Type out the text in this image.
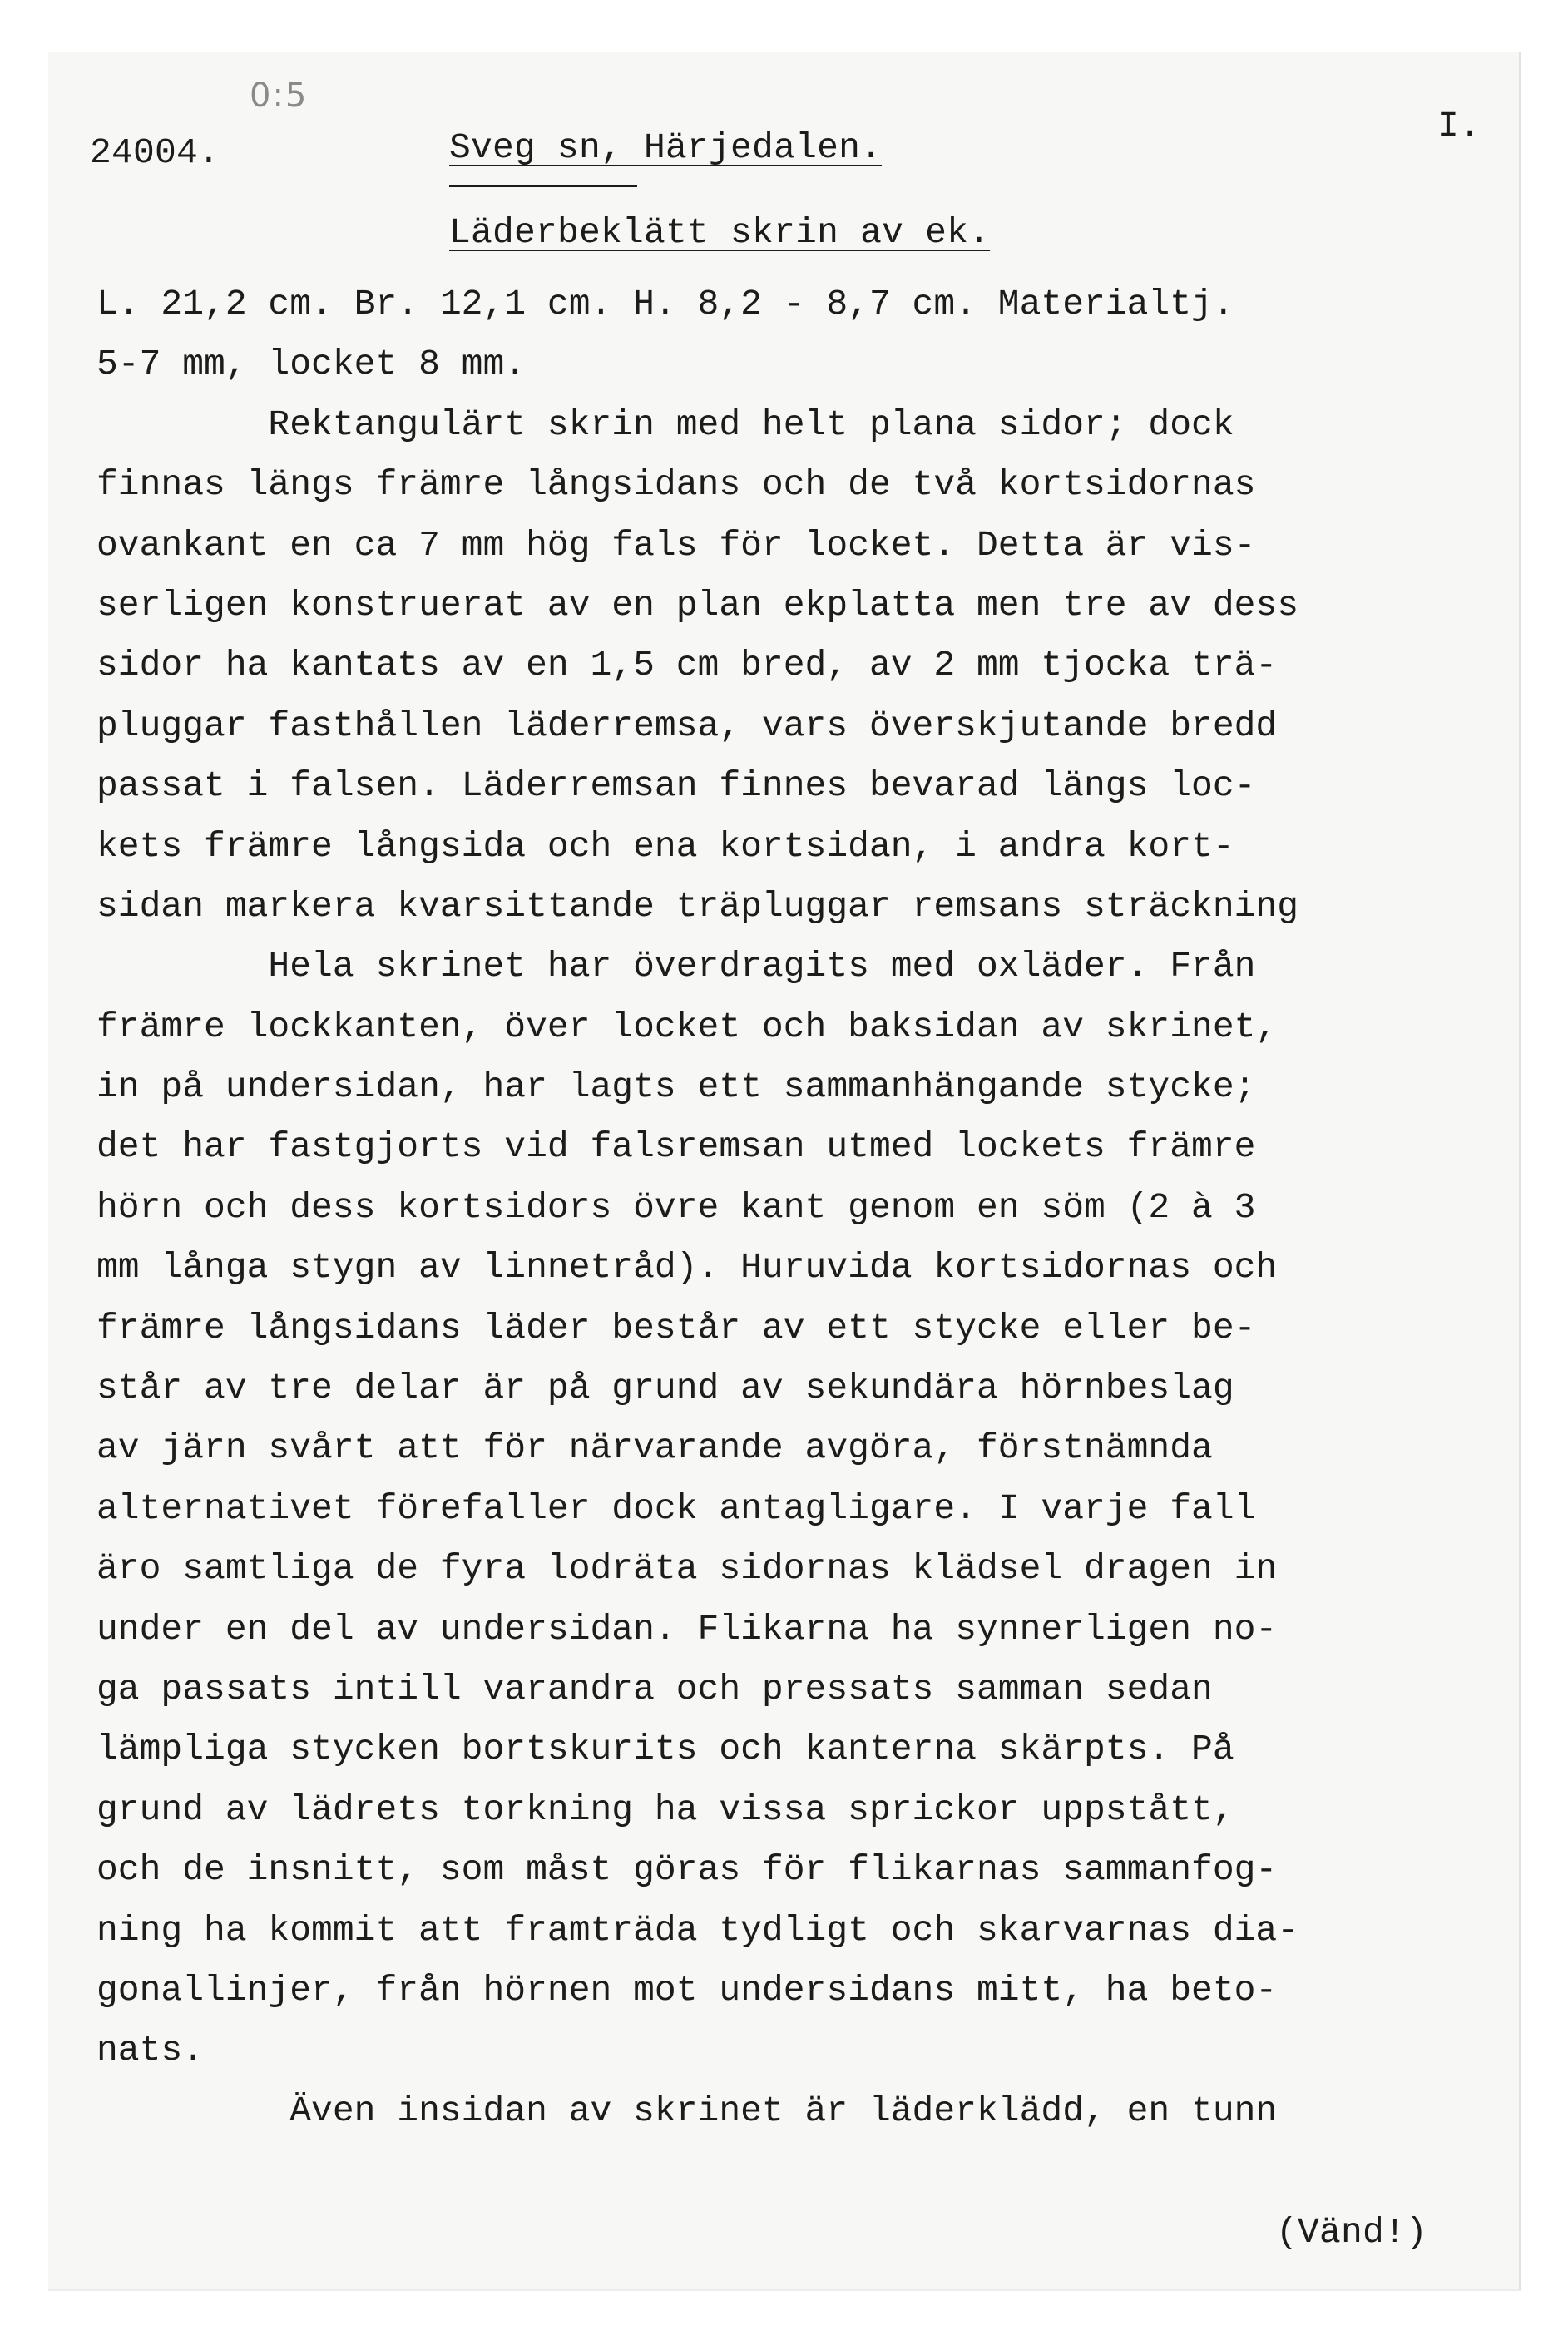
0:5
24004.
I.
Sveg sn, Härjedalen.
Läderbeklätt skrin av ek.
L. 21,2 cm. Br. 12,1 cm. H. 8,2 - 8,7 cm. Materialtj.
5-7 mm, locket 8 mm.
Rektangulärt skrin med helt plana sidor; dock
finnas längs främre långsidans och de två kortsidornas
ovankant en ca 7 mm hög fals för locket. Detta är vis-
serligen konstruerat av en plan ekplatta men tre av dess
sidor ha kantats av en 1,5 cm bred, av 2 mm tjocka trä-
pluggar fasthållen läderremsa, vars överskjutande bredd
passat i falsen. Läderremsan finnes bevarad längs loc-
kets främre långsida och ena kortsidan, i andra kort-
sidan markera kvarsittande träpluggar remsans sträckning
Hela skrinet har överdragits med oxläder. Från
främre lockkanten, över locket och baksidan av skrinet,
in på undersidan, har lagts ett sammanhängande stycke;
det har fastgjorts vid falsremsan utmed lockets främre
hörn och dess kortsidors övre kant genom en söm (2 à 3
mm långa stygn av linnetråd). Huruvida kortsidornas och
främre långsidans läder består av ett stycke eller be-
står av tre delar är på grund av sekundära hörnbeslag
av järn svårt att för närvarande avgöra, förstnämnda
alternativet förefaller dock antagligare. I varje fall
äro samtliga de fyra lodräta sidornas klädsel dragen in
under en del av undersidan. Flikarna ha synnerligen no-
ga passats intill varandra och pressats samman sedan
lämpliga stycken bortskurits och kanterna skärpts. På
grund av lädrets torkning ha vissa sprickor uppstått,
och de insnitt, som måst göras för flikarnas sammanfog-
ning ha kommit att framträda tydligt och skarvarnas dia-
gonallinjer, från hörnen mot undersidans mitt, ha beto-
nats.
Även insidan av skrinet är läderklädd, en tunn
(Vänd!)
